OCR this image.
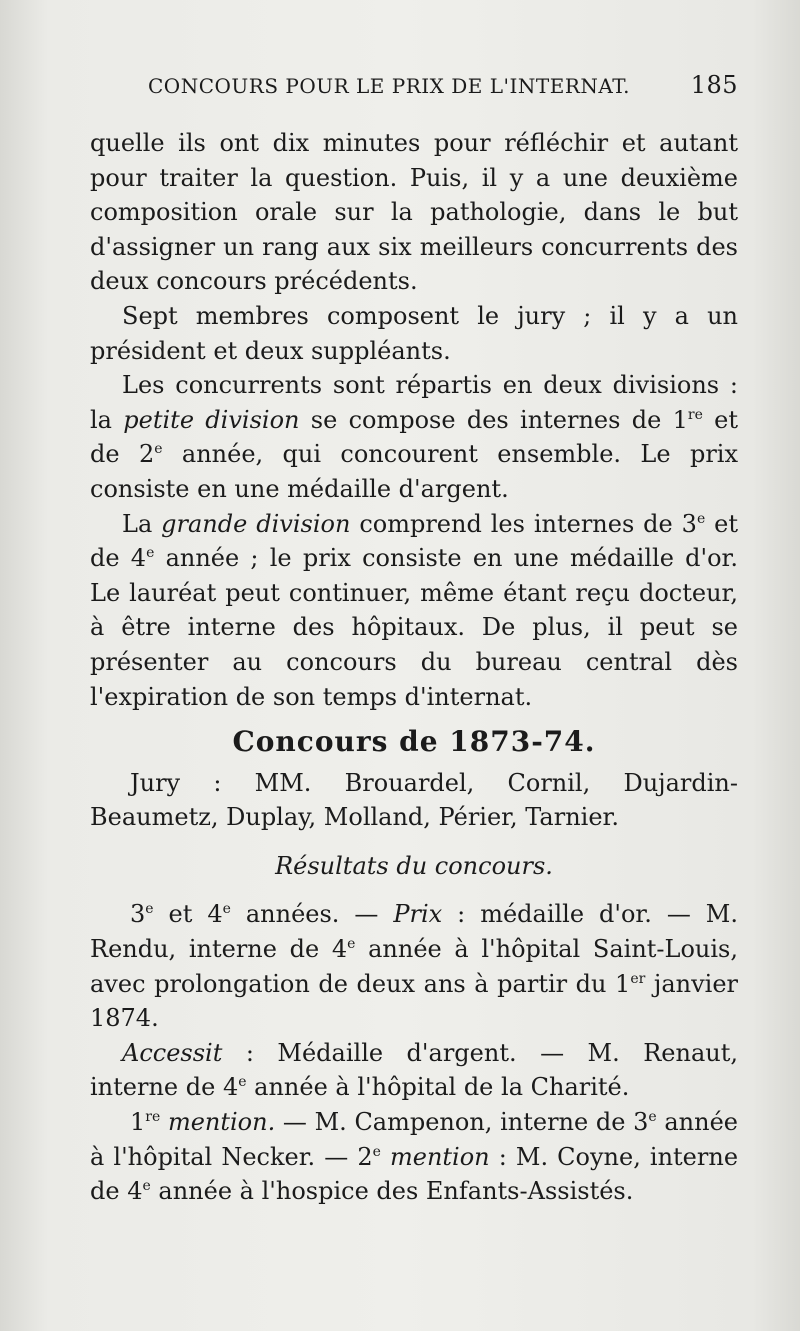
CONCOURS POUR LE PRIX DE L'INTERNAT.	185

quelle ils ont dix minutes pour réfléchir et autant pour traiter la question. Puis, il y a une deuxième composition orale sur la pathologie, dans le but d'assigner un rang aux six meilleurs concurrents des deux concours précédents.

Sept membres composent le jury ; il y a un président et deux suppléants.

Les concurrents sont répartis en deux divisions : la petite division se compose des internes de 1re et de 2e année, qui concourent ensemble. Le prix consiste en une médaille d'argent.

La grande division comprend les internes de 3e et de 4e année ; le prix consiste en une médaille d'or. Le lauréat peut continuer, même étant reçu docteur, à être interne des hôpitaux. De plus, il peut se présenter au concours du bureau central dès l'expiration de son temps d'internat.

Concours de 1873-74.

Jury : MM. Brouardel, Cornil, Dujardin-Beaumetz, Duplay, Molland, Périer, Tarnier.

Résultats du concours.

3e et 4e années. — Prix : médaille d'or. — M. Rendu, interne de 4e année à l'hôpital Saint-Louis, avec prolongation de deux ans à partir du 1er janvier 1874.

Accessit : Médaille d'argent. — M. Renaut, interne de 4e année à l'hôpital de la Charité.

1re mention. — M. Campenon, interne de 3e année à l'hôpital Necker. — 2e mention : M. Coyne, interne de 4e année à l'hospice des Enfants-Assistés.
